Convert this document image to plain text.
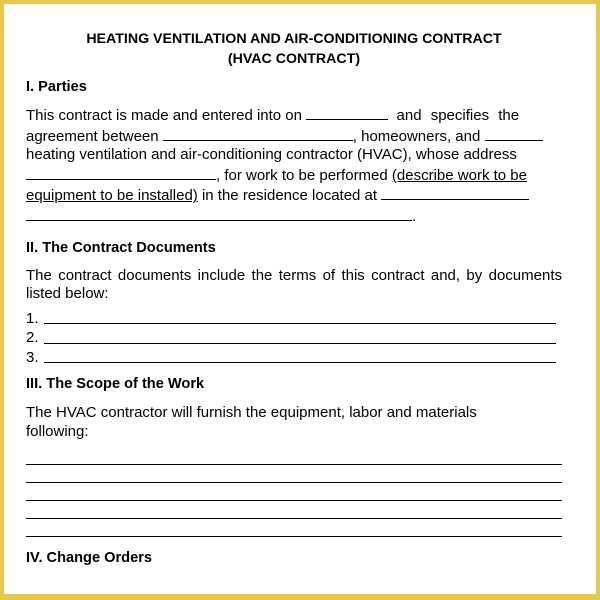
HEATING VENTILATION AND AIR-CONDITIONING CONTRACT
(HVAC CONTRACT)

I. Parties
This contract is made and entered into on	and specifies the
agreement between	, homeowners, and
heating ventilation and air-conditioning contractor (HVAC), whose address
, for work to be performed (describe work to be
equipment to be installed) in the residence located at
.
II. The Contract Documents
The contract documents include the terms of this contract and, by documents listed below:
1.
2.
3.
III. The Scope of the Work
The HVAC contractor will furnish the equipment, labor and materials
following:
IV. Change Orders
